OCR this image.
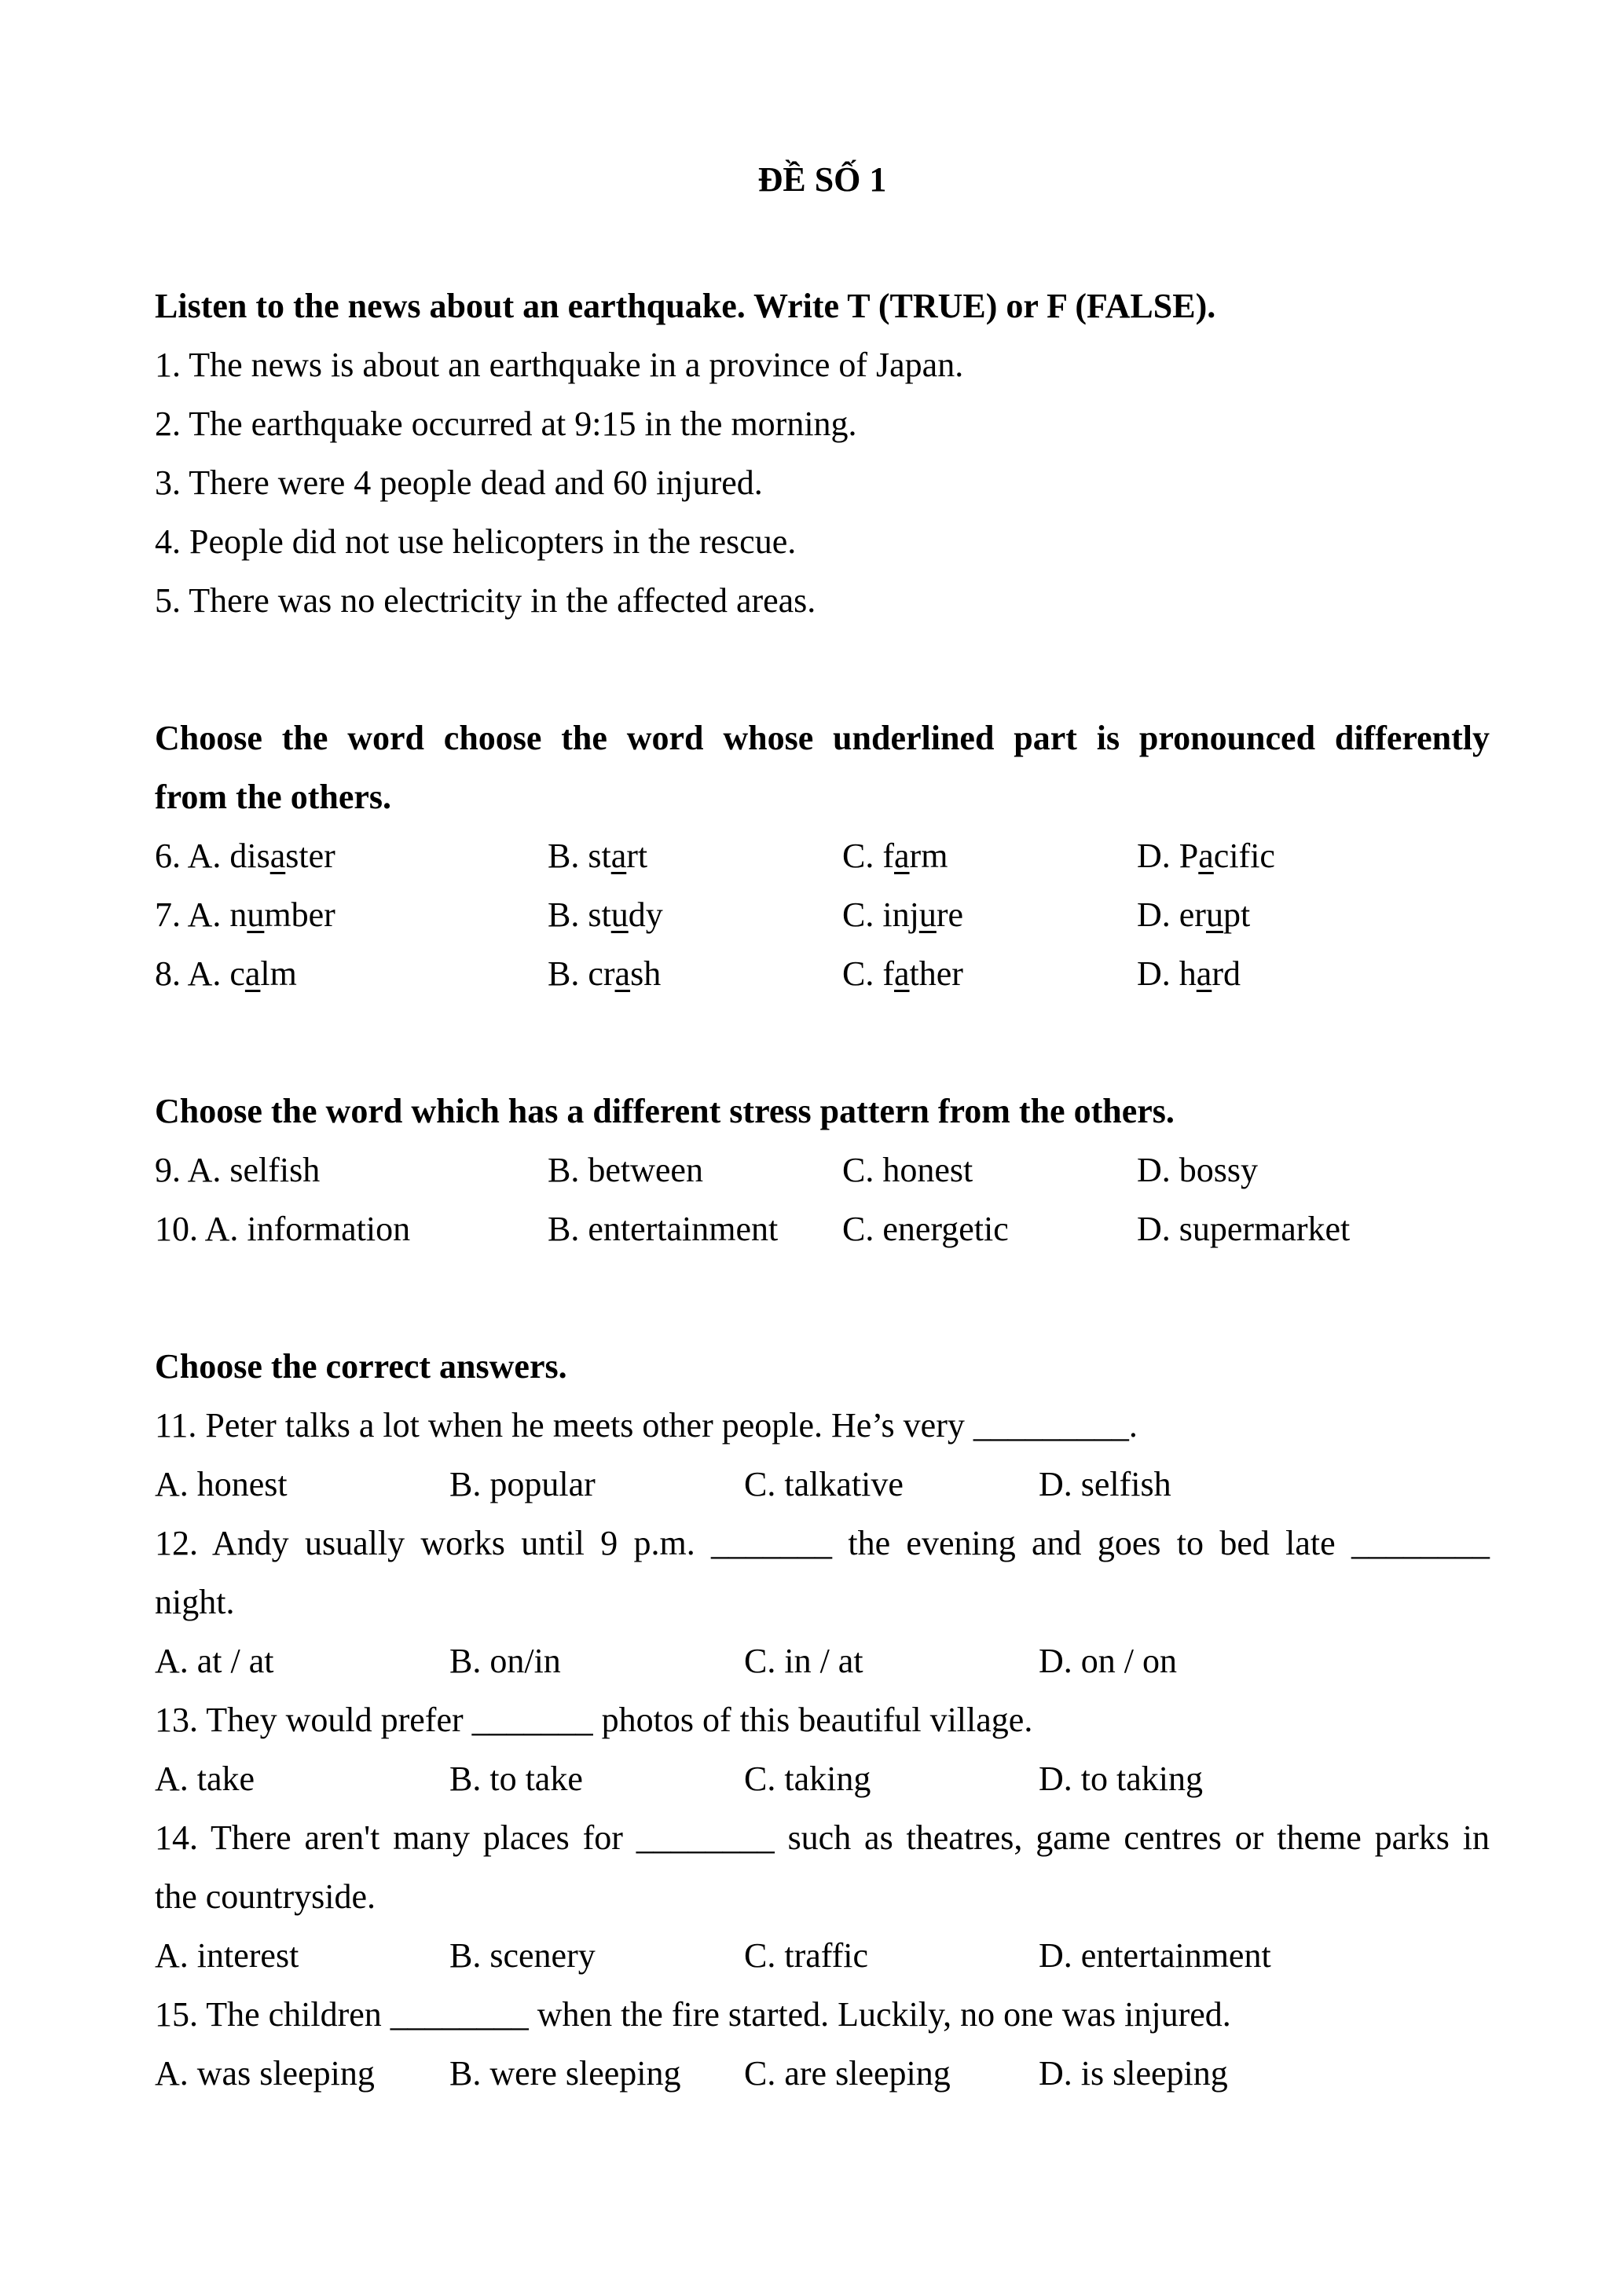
ĐỀ SỐ 1
Listen to the news about an earthquake. Write T (TRUE) or F (FALSE).
1. The news is about an earthquake in a province of Japan.
2. The earthquake occurred at 9:15 in the morning.
3. There were 4 people dead and 60 injured.
4. People did not use helicopters in the rescue.
5. There was no electricity in the affected areas.
Choose the word choose the word whose underlined part is pronounced differently
from the others.
6. A. disaster	B. start	C. farm	D. Pacific
7. A. number	B. study	C. injure	D. erupt
8. A. calm	B. crash	C. father	D. hard
Choose the word which has a different stress pattern from the others.
9. A. selfish	B. between	C. honest	D. bossy
10. A. information	B. entertainment	C. energetic	D. supermarket
Choose the correct answers.
11. Peter talks a lot when he meets other people. He’s very _________.
A. honest	B. popular	C. talkative	D. selfish
12. Andy usually works until 9 p.m. _______ the evening and goes to bed late ________
night.
A. at / at	B. on/in	C. in / at	D. on / on
13. They would prefer _______ photos of this beautiful village.
A. take	B. to take	C. taking	D. to taking
14. There aren't many places for ________ such as theatres, game centres or theme parks in
the countryside.
A. interest	B. scenery	C. traffic	D. entertainment
15. The children ________ when the fire started. Luckily, no one was injured.
A. was sleeping	B. were sleeping	C. are sleeping	D. is sleeping
